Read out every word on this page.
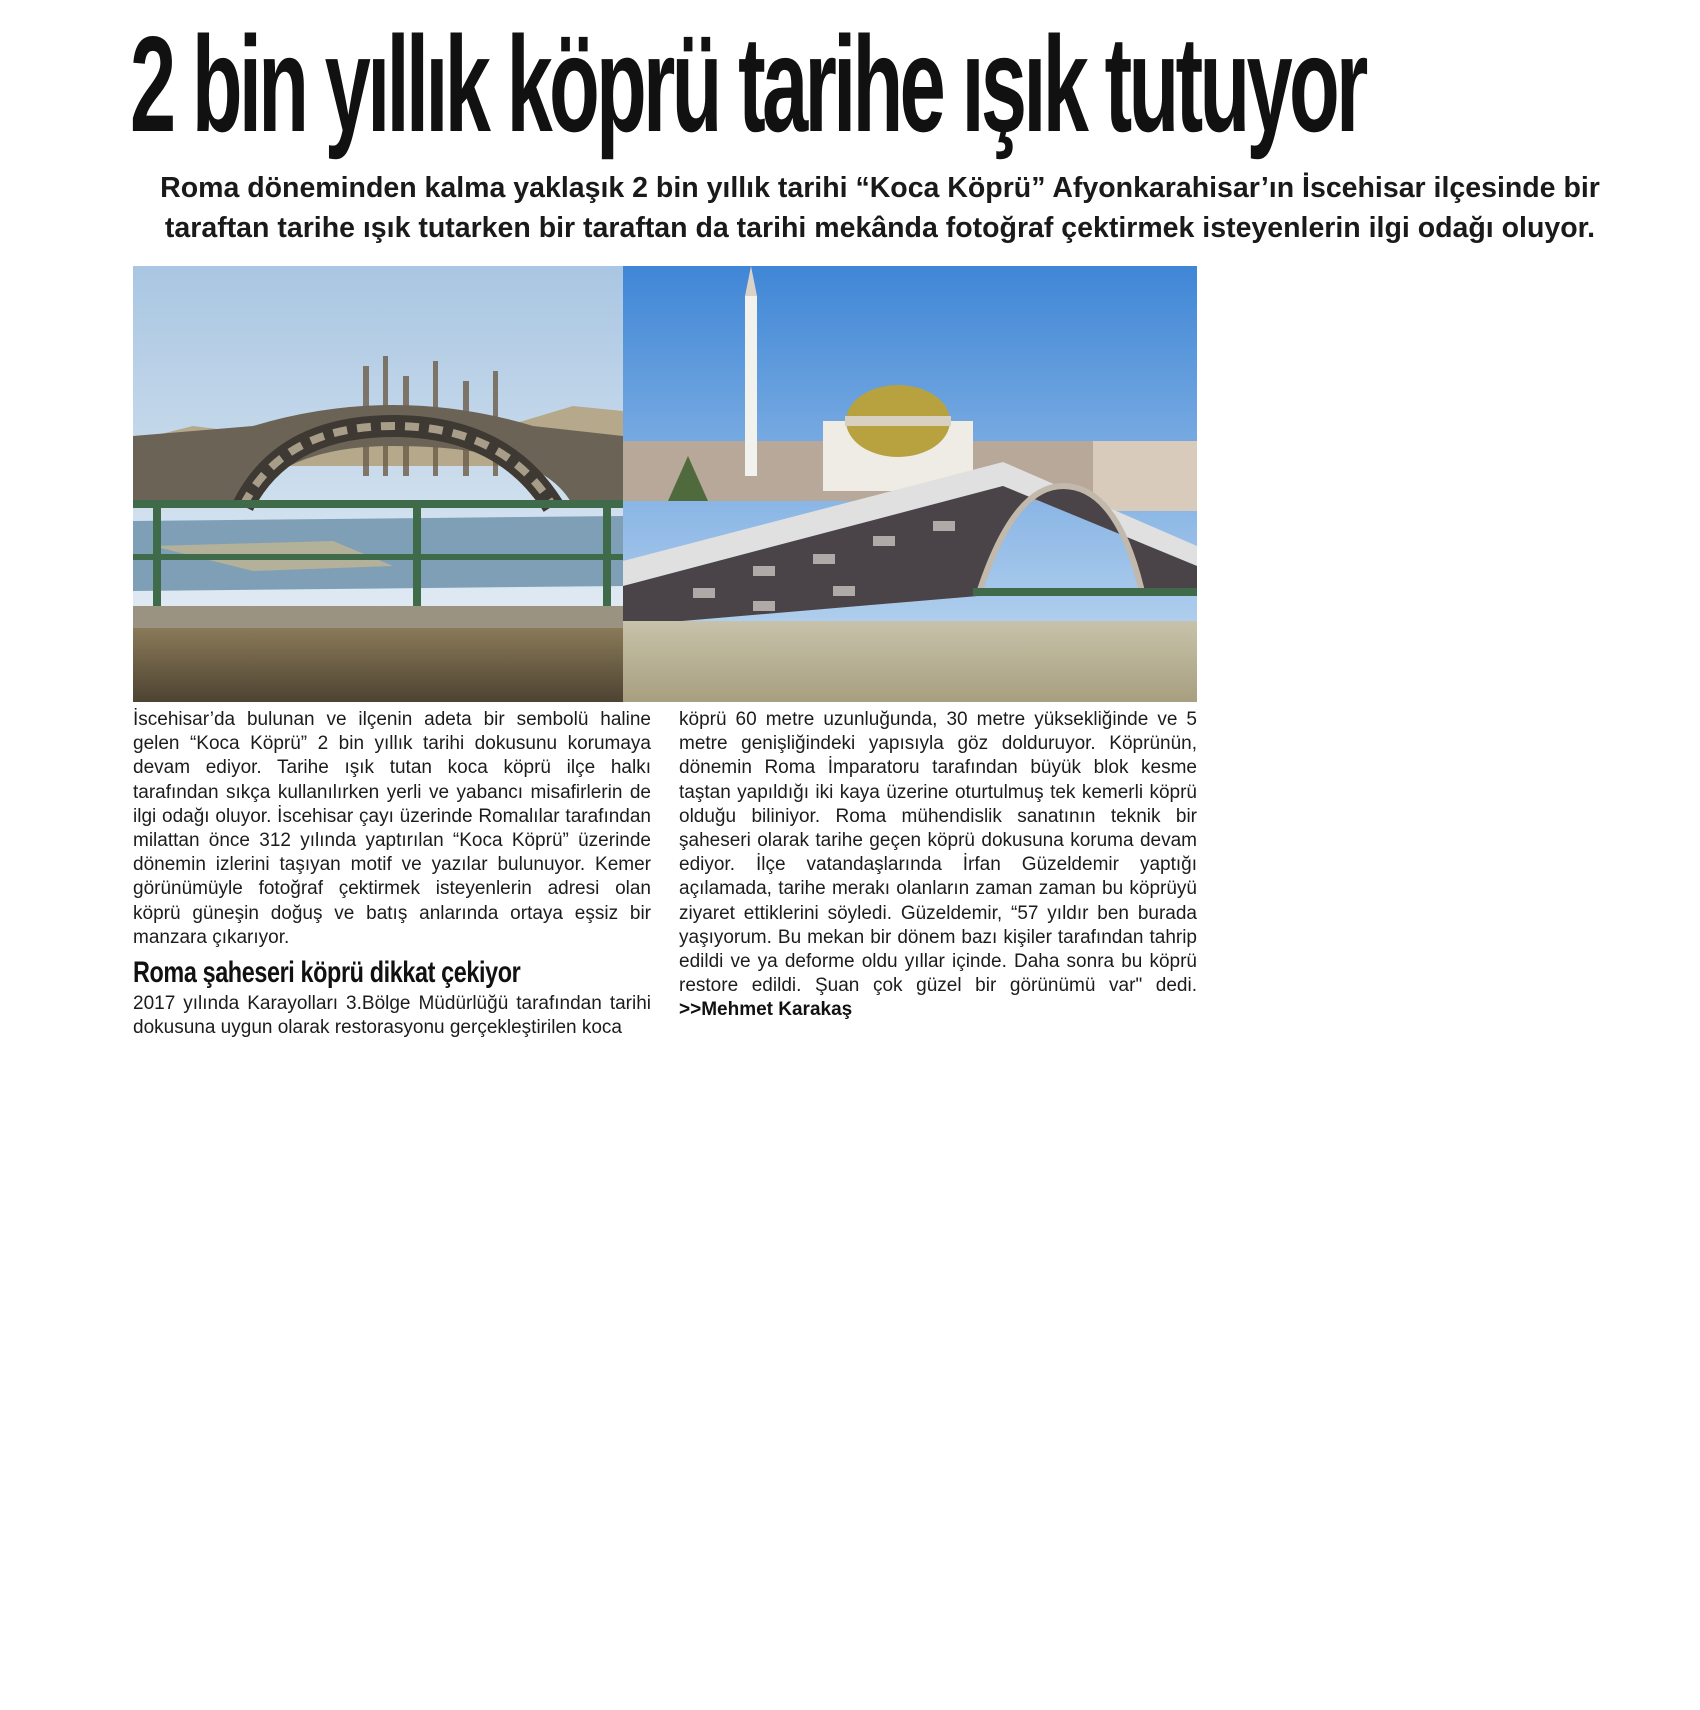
2 bin yıllık köprü tarihe ışık tutuyor

Roma döneminden kalma yaklaşık 2 bin yıllık tarihi “Koca Köprü” Afyonkarahisar’ın İscehisar ilçesinde bir taraftan tarihe ışık tutarken bir taraftan da tarihi mekânda fotoğraf çektirmek isteyenlerin ilgi odağı oluyor.

İscehisar’da bulunan ve ilçenin adeta bir sembolü haline gelen “Koca Köprü” 2 bin yıllık tarihi dokusunu korumaya devam ediyor. Tarihe ışık tutan koca köprü ilçe halkı tarafından sıkça kullanılırken yerli ve yabancı misafirlerin de ilgi odağı oluyor. İscehisar çayı üzerinde Romalılar tarafından milattan önce 312 yılında yaptırılan “Koca Köprü” üzerinde dönemin izlerini taşıyan motif ve yazılar bulunuyor. Kemer görünümüyle fotoğraf çektirmek isteyenlerin adresi olan köprü güneşin doğuş ve batış anlarında ortaya eşsiz bir manzara çıkarıyor.

Roma şaheseri köprü dikkat çekiyor

2017 yılında Karayolları 3.Bölge Müdürlüğü tarafından tarihi dokusuna uygun olarak restorasyonu gerçekleştirilen koca

köprü 60 metre uzunluğunda, 30 metre yüksekliğinde ve 5 metre genişliğindeki yapısıyla göz dolduruyor. Köprünün, dönemin Roma İmparatoru tarafından büyük blok kesme taştan yapıldığı iki kaya üzerine oturtulmuş tek kemerli köprü olduğu biliniyor. Roma mühendislik sanatının teknik bir şaheseri olarak tarihe geçen köprü dokusuna koruma devam ediyor. İlçe vatandaşlarında İrfan Güzeldemir yaptığı açılamada, tarihe merakı olanların zaman zaman bu köprüyü ziyaret ettiklerini söyledi. Güzeldemir, “57 yıldır ben burada yaşıyorum. Bu mekan bir dönem bazı kişiler tarafından tahrip edildi ve ya deforme oldu yıllar içinde. Daha sonra bu köprü restore edildi. Şuan çok güzel bir görünümü var" dedi. >>Mehmet Karakaş
